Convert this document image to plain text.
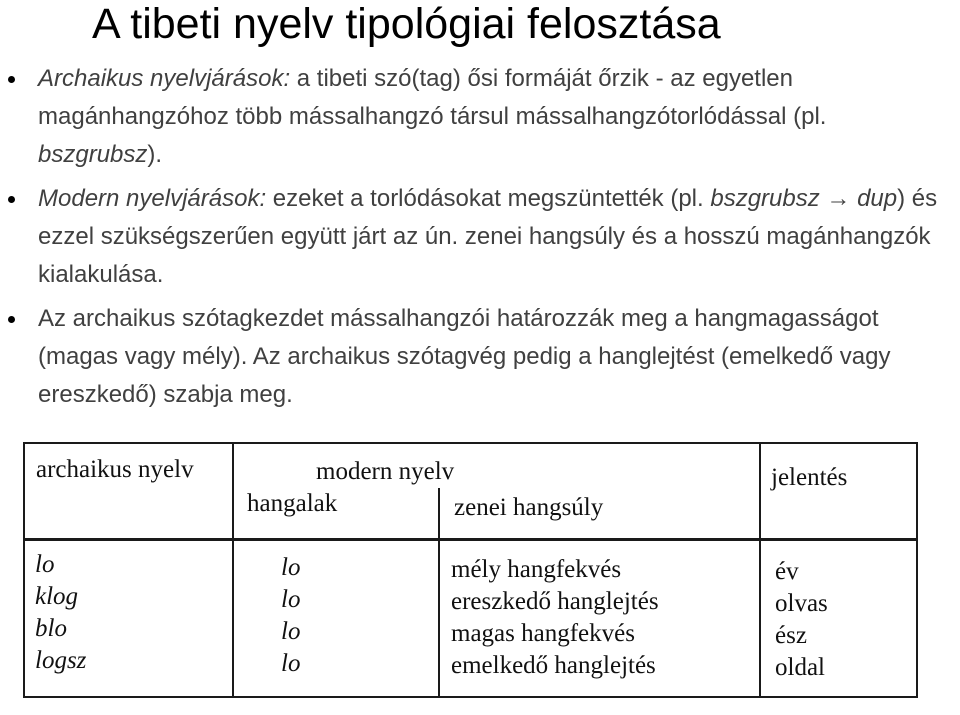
A tibeti nyelv tipológiai felosztása
Archaikus nyelvjárások: a tibeti szó(tag) ősi formáját őrzik - az egyetlen magánhangzóhoz több mássalhangzó társul mássalhangzótorlódással (pl. bszgrubsz).
Modern nyelvjárások: ezeket a torlódásokat megszüntették (pl. bszgrubsz → dup) és ezzel szükségszerűen együtt járt az ún. zenei hangsúly és a hosszú magánhangzók kialakulása.
Az archaikus szótagkezdet mássalhangzói határozzák meg a hangmagasságot (magas vagy mély). Az archaikus szótagvég pedig a hanglejtést (emelkedő vagy ereszkedő) szabja meg.
archaikus nyelv	modern nyelv
hangalak	zenei hangsúly
jelentés
lo
klog
blo
logsz
lo
lo
lo
lo
mély hangfekvés
ereszkedő hanglejtés
magas hangfekvés
emelkedő hanglejtés
év
olvas
ész
oldal
